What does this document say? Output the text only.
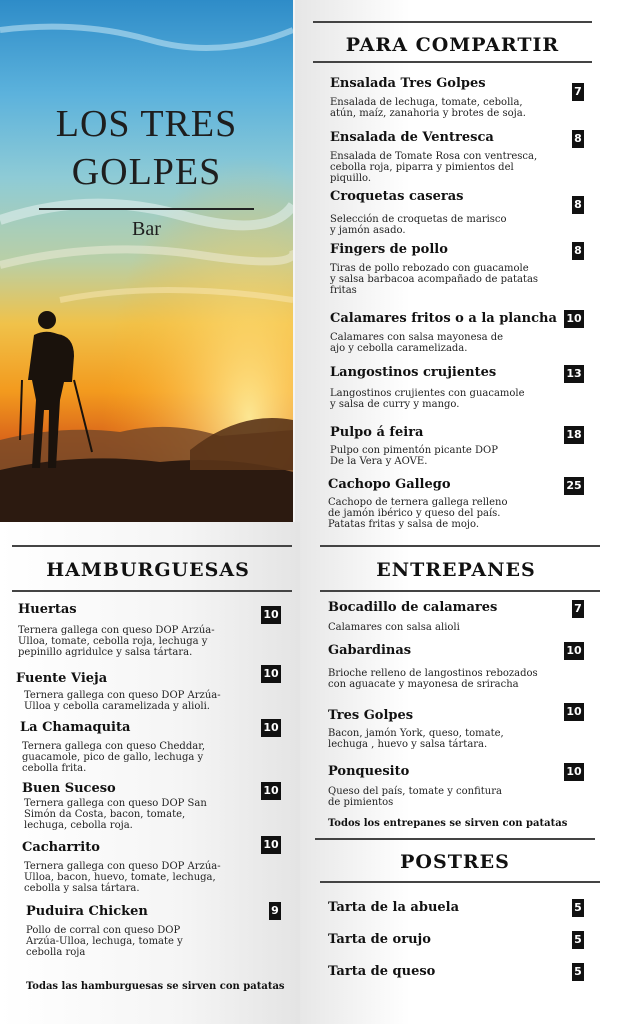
LOS TRES
GOLPES
Bar
PARA COMPARTIR
Ensalada Tres Golpes
Ensalada de lechuga, tomate, cebolla,
atún, maíz, zanahoria y brotes de soja.
7
Ensalada de Ventresca
Ensalada de Tomate Rosa con ventresca,
cebolla roja, piparra y pimientos del
piquillo.
8
Croquetas caseras
Selección de croquetas de marisco
y jamón asado.
8
Fingers de pollo
Tiras de pollo rebozado con guacamole
y salsa barbacoa acompañado de patatas
fritas
8
Calamares fritos o a la plancha
Calamares con salsa mayonesa de
ajo y cebolla caramelizada.
10
Langostinos crujientes
Langostinos crujientes con guacamole
y salsa de curry y mango.
13
Pulpo á feira
Pulpo con pimentón picante DOP
De la Vera y AOVE.
18
Cachopo Gallego
Cachopo de ternera gallega relleno
de jamón ibérico y queso del país.
Patatas fritas y salsa de mojo.
25
HAMBURGUESAS
Huertas
Ternera gallega con queso DOP Arzúa-
Ulloa, tomate, cebolla roja, lechuga y
pepinillo agridulce y salsa tártara.
10
Fuente Vieja
Ternera gallega con queso DOP Arzúa-
Ulloa y cebolla caramelizada y alioli.
10
La Chamaquita
Ternera gallega con queso Cheddar,
guacamole, pico de gallo, lechuga y
cebolla frita.
10
Buen Suceso
Ternera gallega con queso DOP San
Simón da Costa, bacon, tomate,
lechuga, cebolla roja.
10
Cacharrito
Ternera gallega con queso DOP Arzúa-
Ulloa, bacon, huevo, tomate, lechuga,
cebolla y salsa tártara.
10
Puduira Chicken
Pollo de corral con queso DOP
Arzúa-Ulloa, lechuga, tomate y
cebolla roja
9
Todas las hamburguesas se sirven con patatas
ENTREPANES
Bocadillo de calamares
Calamares con salsa alioli
7
Gabardinas
Brioche relleno de langostinos rebozados
con aguacate y mayonesa de sriracha
10
Tres Golpes
Bacon, jamón York, queso, tomate,
lechuga , huevo y salsa tártara.
10
Ponquesito
Queso del país, tomate y confitura
de pimientos
10
Todos los entrepanes se sirven con patatas
POSTRES
Tarta de la abuela	5
Tarta de orujo	5
Tarta de queso	5
